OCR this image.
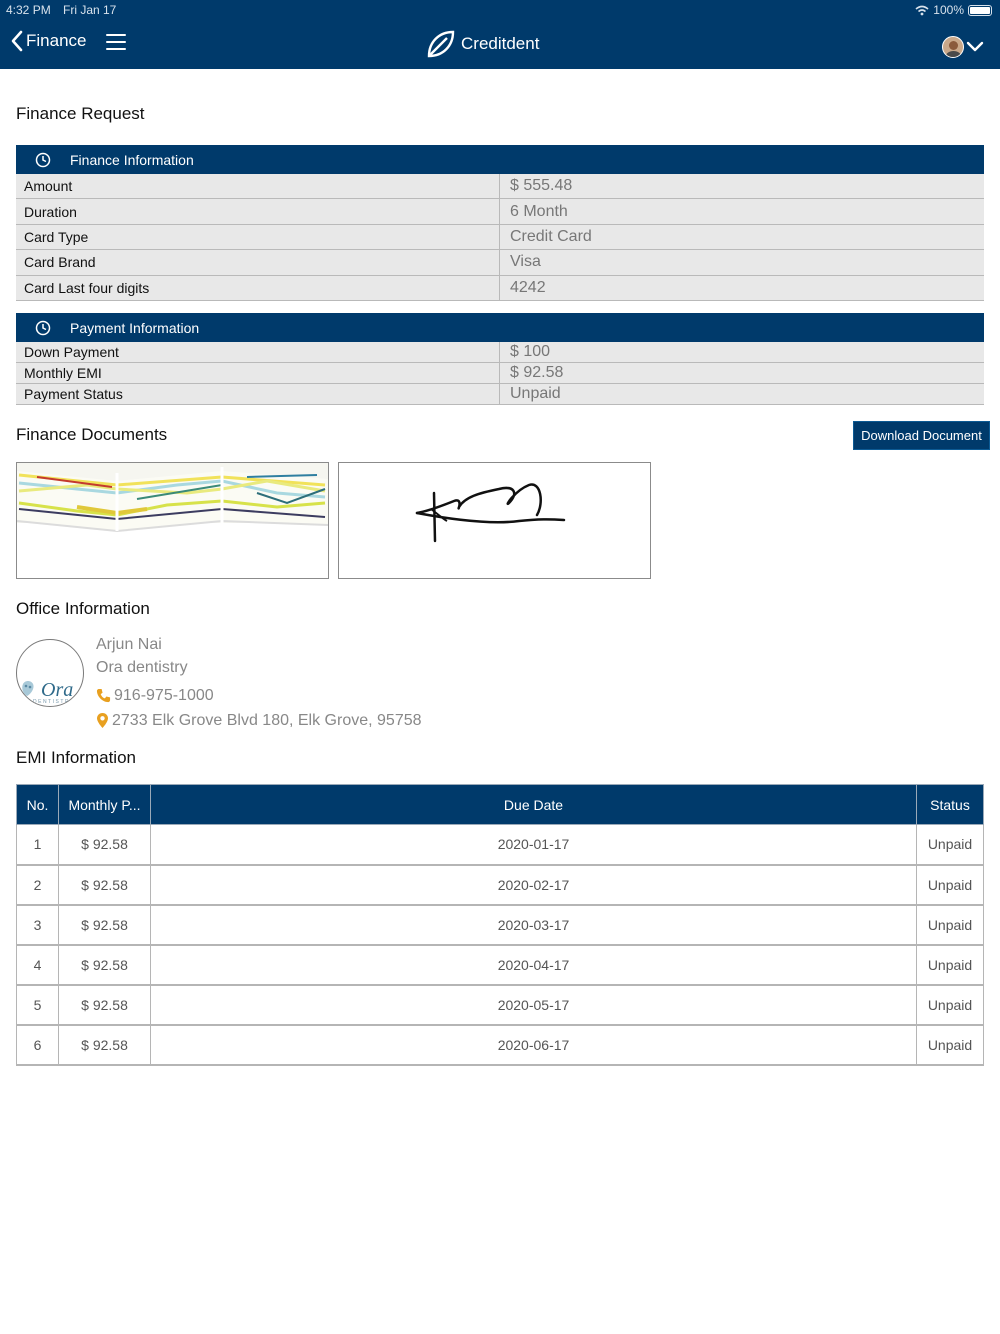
4:32 PM Fri Jan 17	100%
Finance	Creditdent
Finance Request
Finance Information
Amount	$ 555.48
Duration	6 Month
Card Type	Credit Card
Card Brand	Visa
Card Last four digits	4242
Payment Information
Down Payment	$ 100
Monthly EMI	$ 92.58
Payment Status	Unpaid
Finance Documents	Download Document
Office Information
Ora
DENTISTRY
Arjun Nai
Ora dentistry
916-975-1000
2733 Elk Grove Blvd 180, Elk Grove, 95758
EMI Information
No.	Monthly P...	Due Date	Status
1	$ 92.58	2020-01-17	Unpaid
2	$ 92.58	2020-02-17	Unpaid
3	$ 92.58	2020-03-17	Unpaid
4	$ 92.58	2020-04-17	Unpaid
5	$ 92.58	2020-05-17	Unpaid
6	$ 92.58	2020-06-17	Unpaid
